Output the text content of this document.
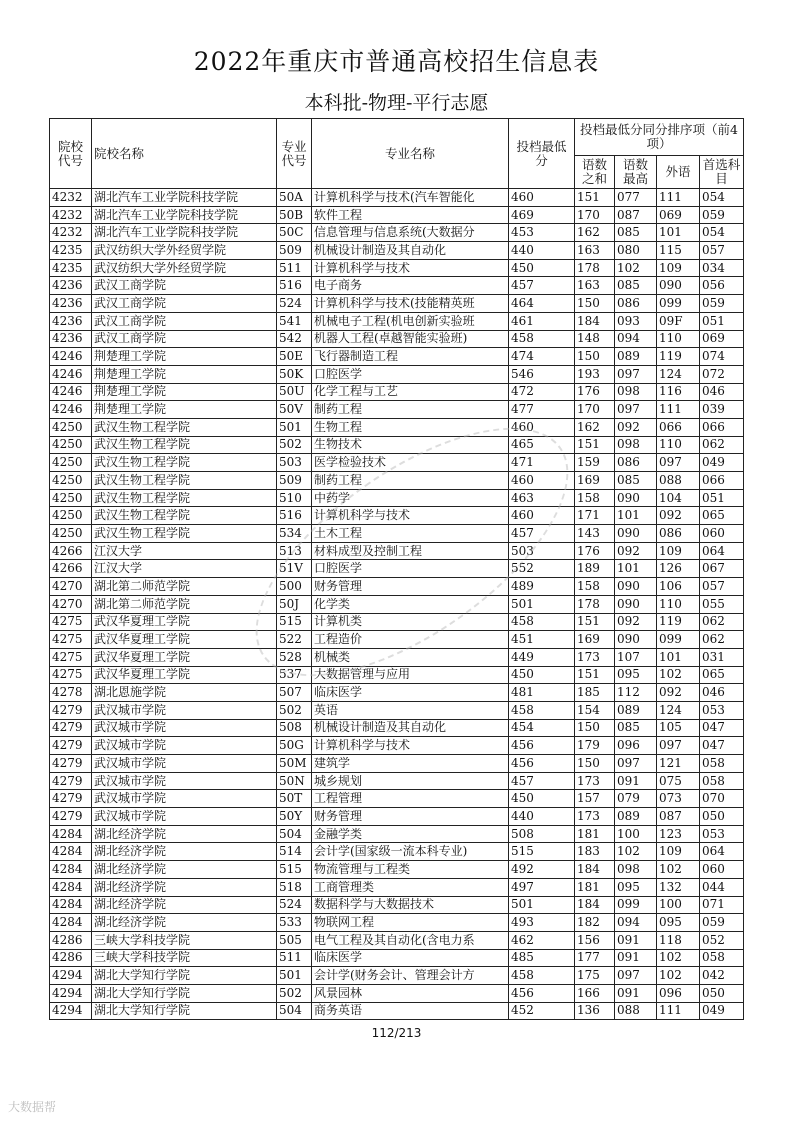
2022年重庆市普通高校招生信息表
本科批-物理-平行志愿
院校代号	院校名称	专业代号	专业名称	投档最低分	投档最低分同分排序项（前4项）			
					语数之和	语数最高	外语	首选科目
4232	湖北汽车工业学院科技学院	50A	计算机科学与技术(汽车智能化	460	151	077	111	054
4232	湖北汽车工业学院科技学院	50B	软件工程	469	170	087	069	059
4232	湖北汽车工业学院科技学院	50C	信息管理与信息系统(大数据分	453	162	085	101	054
4235	武汉纺织大学外经贸学院	509	机械设计制造及其自动化	440	163	080	115	057
4235	武汉纺织大学外经贸学院	511	计算机科学与技术	450	178	102	109	034
4236	武汉工商学院	516	电子商务	457	163	085	090	056
4236	武汉工商学院	524	计算机科学与技术(技能精英班	464	150	086	099	059
4236	武汉工商学院	541	机械电子工程(机电创新实验班	461	184	093	09F	051
4236	武汉工商学院	542	机器人工程(卓越智能实验班)	458	148	094	110	069
4246	荆楚理工学院	50E	飞行器制造工程	474	150	089	119	074
4246	荆楚理工学院	50K	口腔医学	546	193	097	124	072
4246	荆楚理工学院	50U	化学工程与工艺	472	176	098	116	046
4246	荆楚理工学院	50V	制药工程	477	170	097	111	039
4250	武汉生物工程学院	501	生物工程	460	162	092	066	066
4250	武汉生物工程学院	502	生物技术	465	151	098	110	062
4250	武汉生物工程学院	503	医学检验技术	471	159	086	097	049
4250	武汉生物工程学院	509	制药工程	460	169	085	088	066
4250	武汉生物工程学院	510	中药学	463	158	090	104	051
4250	武汉生物工程学院	516	计算机科学与技术	460	171	101	092	065
4250	武汉生物工程学院	534	土木工程	457	143	090	086	060
4266	江汉大学	513	材料成型及控制工程	503	176	092	109	064
4266	江汉大学	51V	口腔医学	552	189	101	126	067
4270	湖北第二师范学院	500	财务管理	489	158	090	106	057
4270	湖北第二师范学院	50J	化学类	501	178	090	110	055
4275	武汉华夏理工学院	515	计算机类	458	151	092	119	062
4275	武汉华夏理工学院	522	工程造价	451	169	090	099	062
4275	武汉华夏理工学院	528	机械类	449	173	107	101	031
4275	武汉华夏理工学院	537	大数据管理与应用	450	151	095	102	065
4278	湖北恩施学院	507	临床医学	481	185	112	092	046
4279	武汉城市学院	502	英语	458	154	089	124	053
4279	武汉城市学院	508	机械设计制造及其自动化	454	150	085	105	047
4279	武汉城市学院	50G	计算机科学与技术	456	179	096	097	047
4279	武汉城市学院	50M	建筑学	456	150	097	121	058
4279	武汉城市学院	50N	城乡规划	457	173	091	075	058
4279	武汉城市学院	50T	工程管理	450	157	079	073	070
4279	武汉城市学院	50Y	财务管理	440	173	089	087	050
4284	湖北经济学院	504	金融学类	508	181	100	123	053
4284	湖北经济学院	514	会计学(国家级一流本科专业)	515	183	102	109	064
4284	湖北经济学院	515	物流管理与工程类	492	184	098	102	060
4284	湖北经济学院	518	工商管理类	497	181	095	132	044
4284	湖北经济学院	524	数据科学与大数据技术	501	184	099	100	071
4284	湖北经济学院	533	物联网工程	493	182	094	095	059
4286	三峡大学科技学院	505	电气工程及其自动化(含电力系	462	156	091	118	052
4286	三峡大学科技学院	511	临床医学	485	177	091	102	058
4294	湖北大学知行学院	501	会计学(财务会计、管理会计方	458	175	097	102	042
4294	湖北大学知行学院	502	风景园林	456	166	091	096	050
4294	湖北大学知行学院	504	商务英语	452	136	088	111	049
112/213
大数据帮
